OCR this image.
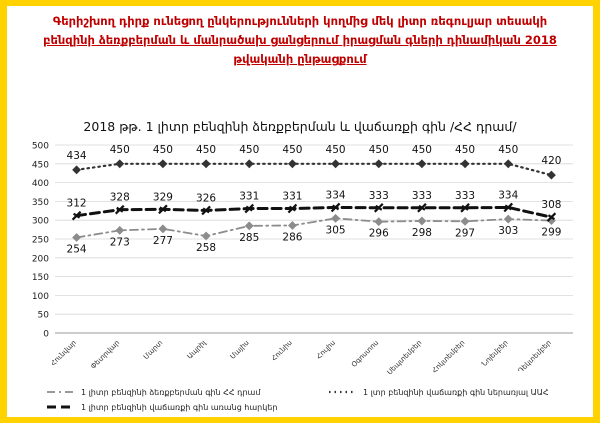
Գերիշխող դիրք ունեցող ընկերությունների կողմից մեկ լիտր ռեգուլյար տեսակի
բենզինի ձեռքբերման և մանրածախ ցանցերում իրացման գների դինամիկան 2018
թվականի ընթացքում
0
50
100
150
200
250
300
350
400
450
500
Հունվար Փետրվար	Մարտ	Ապրիլ	Մայիս	Հունիս	Հուլիս Օգոստոս Սեպտեմբեր Հոկտեմբեր Նոյեմբեր Դեկտեմբեր
254
273 277
258
285 286
305 296 298 297 303 299
312
328 329 326 331 331 334 333 333 333 334
308
434
450 450 450 450 450 450 450 450 450 450
420
1 լիտր բենզինի ձեռքբերման գին ՀՀ դրամ
1 լիտր բենզինի վաճառքի գին առանց հարկեր
1 լտր բենզինի վաճառքի գին ներառյալ ԱԱՀ
2018 թթ. 1 լիտր բենզինի ձեռքբերման և վաճառքի գին /ՀՀ դրամ/
